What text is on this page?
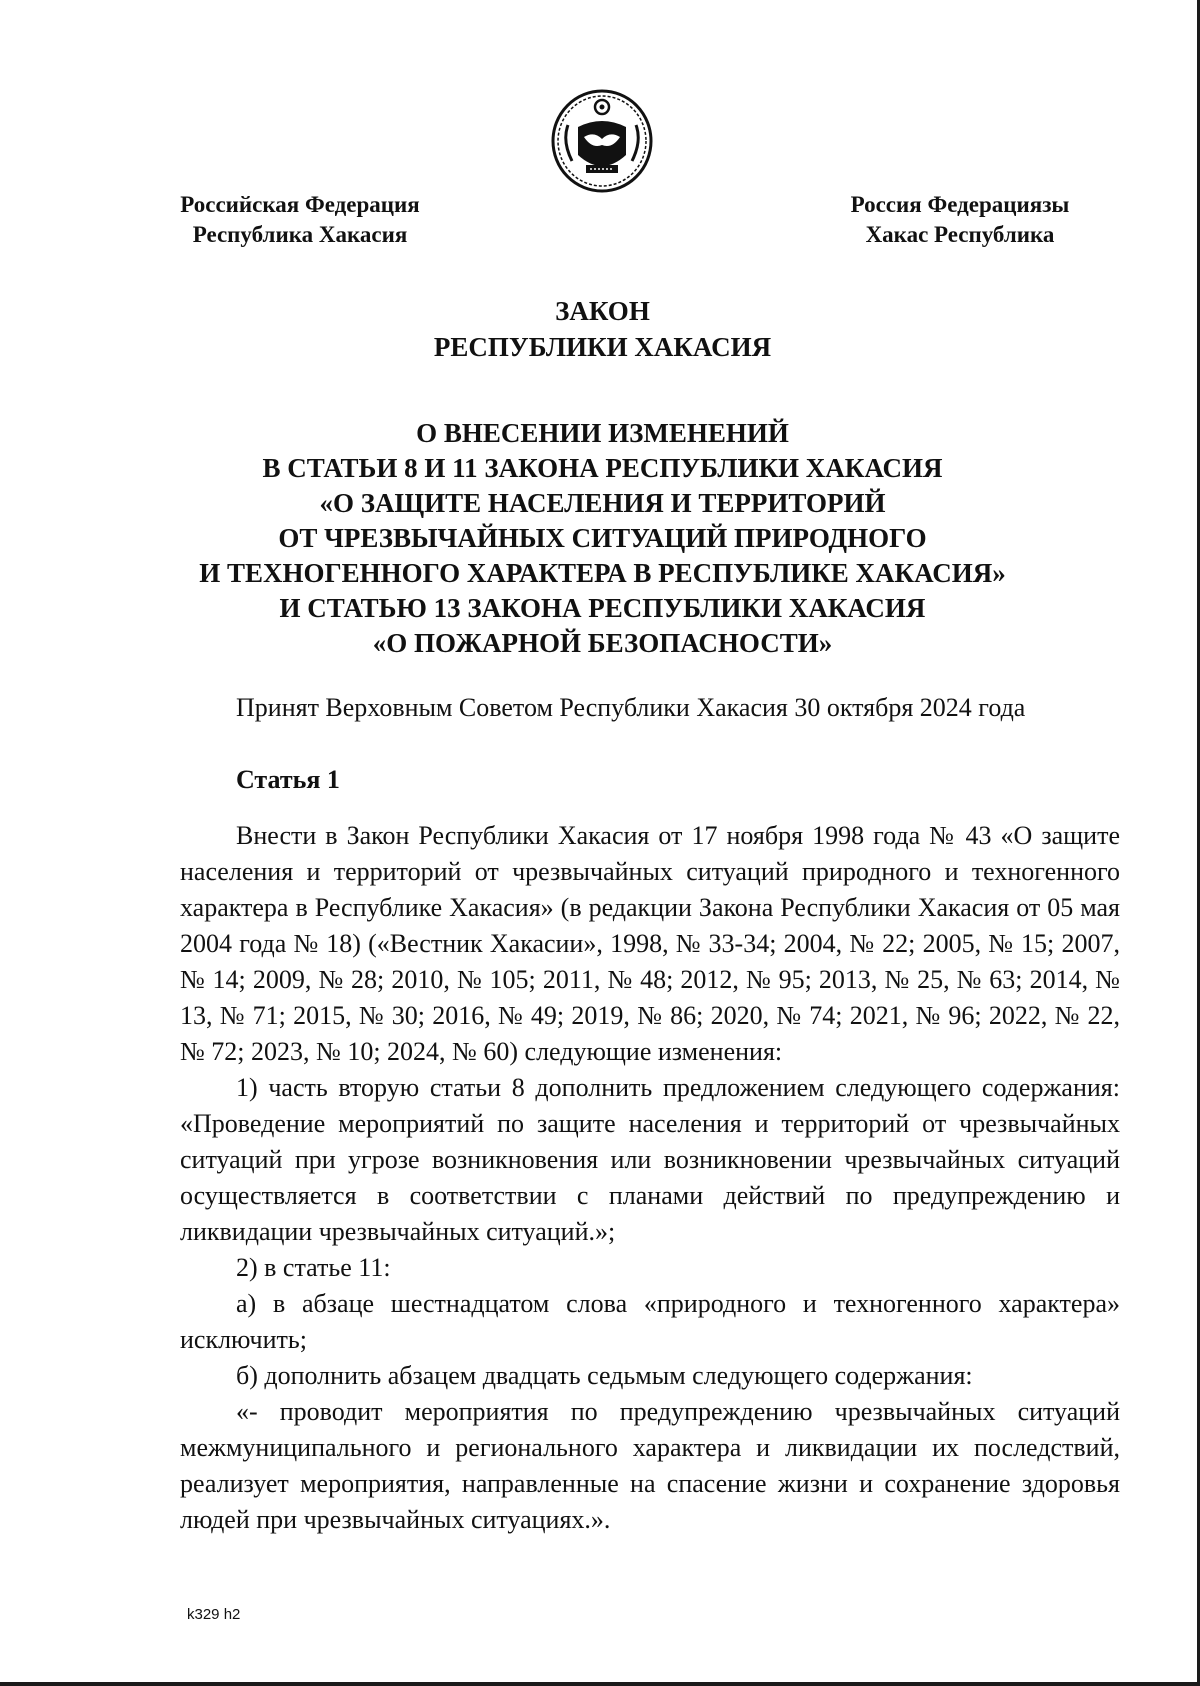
Российская Федерация
Республика Хакасия
Россия Федерациязы
Хакас Республика
ЗАКОН
РЕСПУБЛИКИ ХАКАСИЯ
О ВНЕСЕНИИ ИЗМЕНЕНИЙ
В СТАТЬИ 8 И 11 ЗАКОНА РЕСПУБЛИКИ ХАКАСИЯ
«О ЗАЩИТЕ НАСЕЛЕНИЯ И ТЕРРИТОРИЙ
ОТ ЧРЕЗВЫЧАЙНЫХ СИТУАЦИЙ ПРИРОДНОГО
И ТЕХНОГЕННОГО ХАРАКТЕРА В РЕСПУБЛИКЕ ХАКАСИЯ»
И СТАТЬЮ 13 ЗАКОНА РЕСПУБЛИКИ ХАКАСИЯ
«О ПОЖАРНОЙ БЕЗОПАСНОСТИ»
Принят Верховным Советом Республики Хакасия 30 октября 2024 года
Статья 1

Внести в Закон Республики Хакасия от 17 ноября 1998 года № 43 «О защите населения и территорий от чрезвычайных ситуаций природного и техногенного характера в Республике Хакасия» (в редакции Закона Республики Хакасия от 05 мая 2004 года № 18) («Вестник Хакасии», 1998, № 33-34; 2004, № 22; 2005, № 15; 2007, № 14; 2009, № 28; 2010, № 105; 2011, № 48; 2012, № 95; 2013, № 25, № 63; 2014, № 13, № 71; 2015, № 30; 2016, № 49; 2019, № 86; 2020, № 74; 2021, № 96; 2022, № 22, № 72; 2023, № 10; 2024, № 60) следующие изменения:

1) часть вторую статьи 8 дополнить предложением следующего содержания: «Проведение мероприятий по защите населения и территорий от чрезвычайных ситуаций при угрозе возникновения или возникновении чрезвычайных ситуаций осуществляется в соответствии с планами действий по предупреждению и ликвидации чрезвычайных ситуаций.»;

2) в статье 11:

а) в абзаце шестнадцатом слова «природного и техногенного характера» исключить;

б) дополнить абзацем двадцать седьмым следующего содержания:

«- проводит мероприятия по предупреждению чрезвычайных ситуаций межмуниципального и регионального характера и ликвидации их последствий, реализует мероприятия, направленные на спасение жизни и сохранение здоровья людей при чрезвычайных ситуациях.».

k329 h2
